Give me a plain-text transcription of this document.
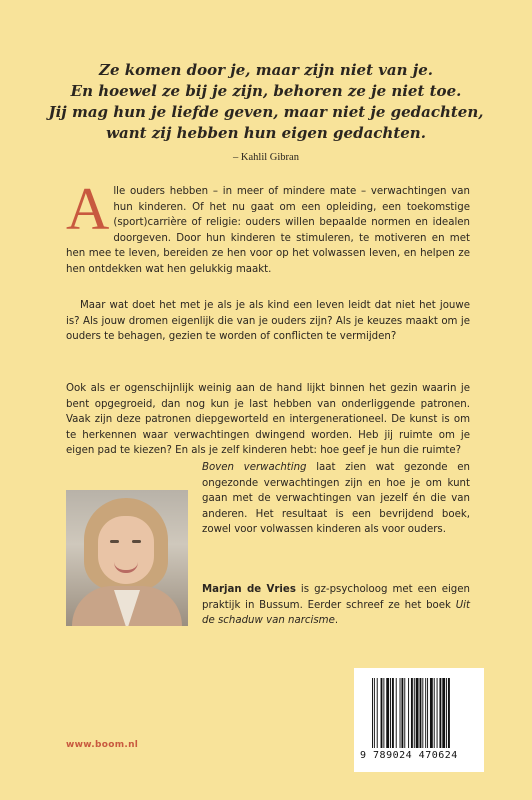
Ze komen door je, maar zijn niet van je.
En hoewel ze bij je zijn, behoren ze je niet toe.
Jij mag hun je liefde geven, maar niet je gedachten,
want zij hebben hun eigen gedachten.
– Kahlil Gibran
Alle ouders hebben – in meer of mindere mate – verwachtingen van hun kinderen. Of het nu gaat om een opleiding, een toekomstige (sport)carrière of religie: ouders willen bepaalde normen en idealen doorgeven. Door hun kinderen te stimuleren, te motiveren en met hen mee te leven, bereiden ze hen voor op het volwassen leven, en helpen ze hen ontdekken wat hen gelukkig maakt.
Maar wat doet het met je als je als kind een leven leidt dat niet het jouwe is? Als jouw dromen eigenlijk die van je ouders zijn? Als je keuzes maakt om je ouders te behagen, gezien te worden of conflicten te vermijden?
Ook als er ogenschijnlijk weinig aan de hand lijkt binnen het gezin waarin je bent opgegroeid, dan nog kun je last hebben van onderliggende patronen. Vaak zijn deze patronen diepgeworteld en intergenerationeel. De kunst is om te herkennen waar verwachtingen dwingend worden. Heb jij ruimte om je eigen pad te kiezen? En als je zelf kinderen hebt: hoe geef je hun die ruimte?
Boven verwachting laat zien wat gezonde en ongezonde verwachtingen zijn en hoe je om kunt gaan met de verwachtingen van jezelf én die van anderen. Het resultaat is een bevrijdend boek, zowel voor volwassen kinderen als voor ouders.
Marjan de Vries is gz-psycholoog met een eigen praktijk in Bussum. Eerder schreef ze het boek Uit de schaduw van narcisme.
www.boom.nl
9 789024 470624
